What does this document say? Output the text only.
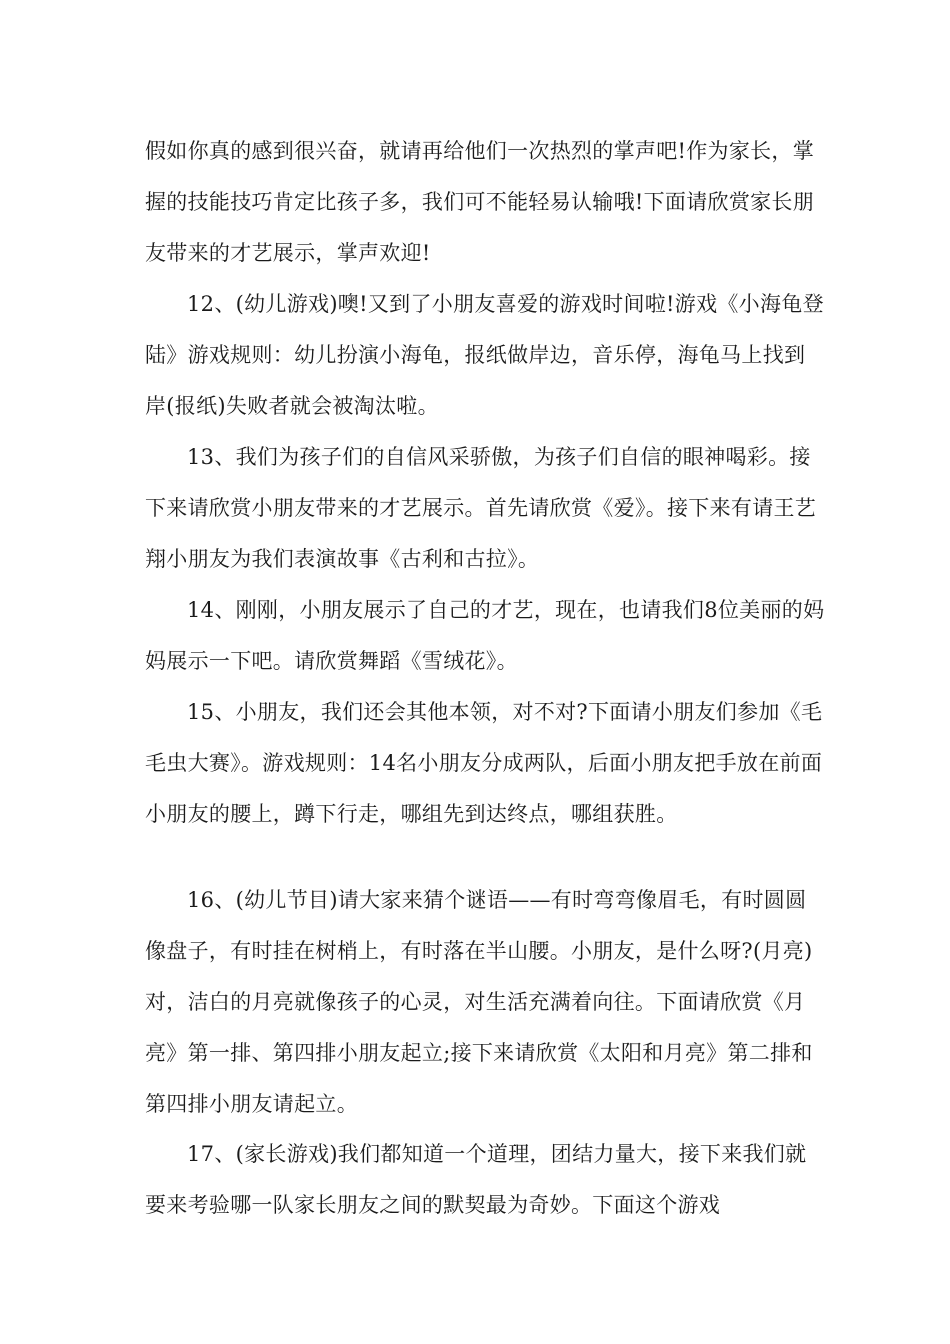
假如你真的感到很兴奋，就请再给他们一次热烈的掌声吧!作为家长，掌握的技能技巧肯定比孩子多，我们可不能轻易认输哦!下面请欣赏家长朋友带来的才艺展示，掌声欢迎!

12、(幼儿游戏)噢!又到了小朋友喜爱的游戏时间啦!游戏《小海龟登陆》游戏规则：幼儿扮演小海龟，报纸做岸边，音乐停，海龟马上找到岸(报纸)失败者就会被淘汰啦。

13、我们为孩子们的自信风采骄傲，为孩子们自信的眼神喝彩。接下来请欣赏小朋友带来的才艺展示。首先请欣赏《爱》。接下来有请王艺翔小朋友为我们表演故事《古利和古拉》。

14、刚刚，小朋友展示了自己的才艺，现在，也请我们8位美丽的妈妈展示一下吧。请欣赏舞蹈《雪绒花》。

15、小朋友，我们还会其他本领，对不对?下面请小朋友们参加《毛毛虫大赛》。游戏规则：14名小朋友分成两队，后面小朋友把手放在前面小朋友的腰上，蹲下行走，哪组先到达终点，哪组获胜。

16、(幼儿节目)请大家来猜个谜语——有时弯弯像眉毛，有时圆圆像盘子，有时挂在树梢上，有时落在半山腰。小朋友，是什么呀?(月亮)对，洁白的月亮就像孩子的心灵，对生活充满着向往。下面请欣赏《月亮》第一排、第四排小朋友起立;接下来请欣赏《太阳和月亮》第二排和第四排小朋友请起立。

17、(家长游戏)我们都知道一个道理，团结力量大，接下来我们就要来考验哪一队家长朋友之间的默契最为奇妙。下面这个游戏
